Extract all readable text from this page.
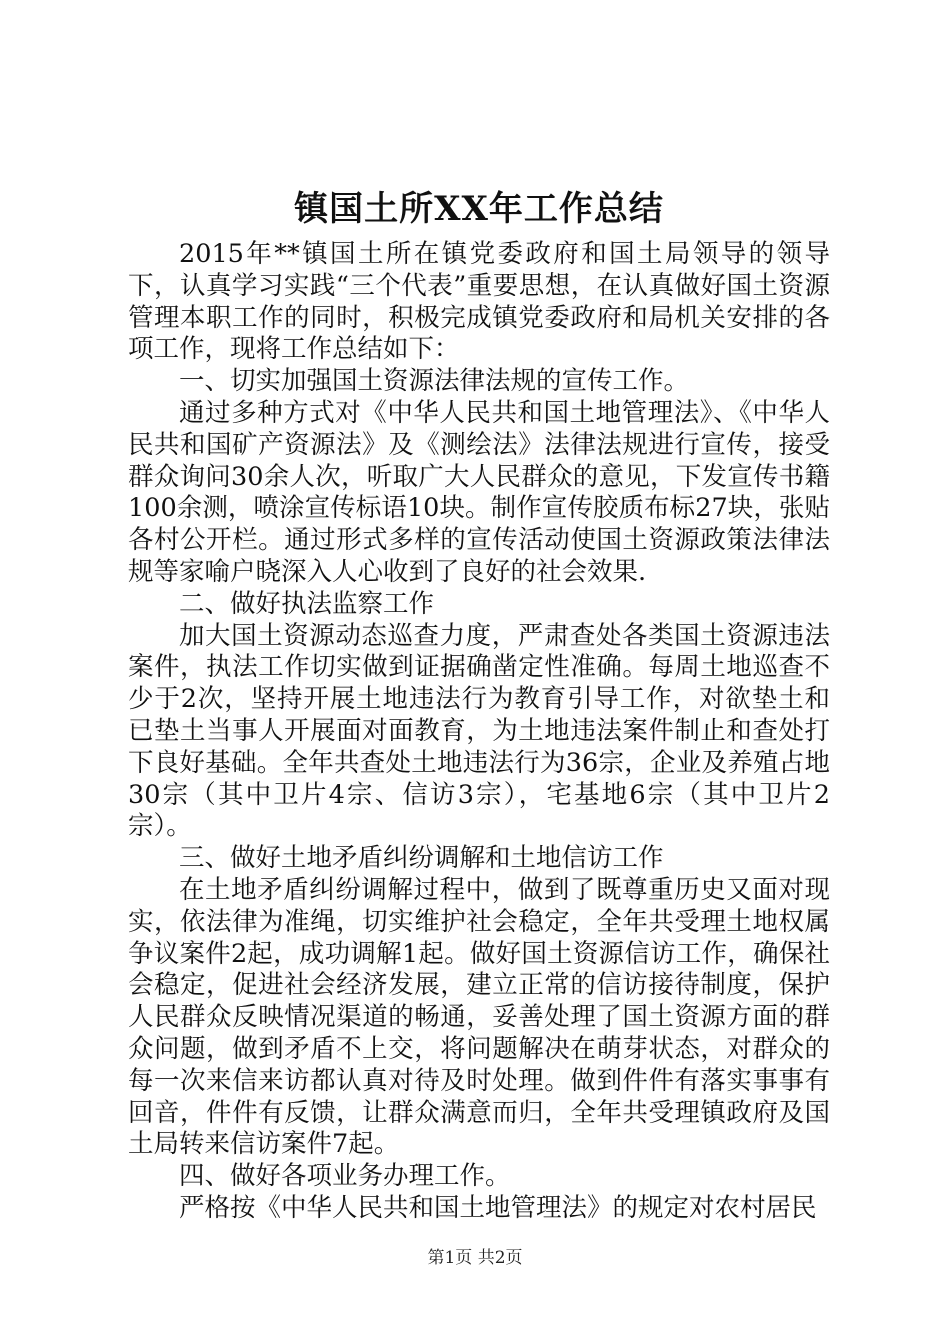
镇国土所XX年工作总结

2015年**镇国土所在镇党委政府和国土局领导的领导下，认真学习实践“三个代表”重要思想，在认真做好国土资源管理本职工作的同时，积极完成镇党委政府和局机关安排的各项工作，现将工作总结如下：

一、切实加强国土资源法律法规的宣传工作。

通过多种方式对《中华人民共和国土地管理法》、《中华人民共和国矿产资源法》及《测绘法》法律法规进行宣传，接受群众询问30余人次，听取广大人民群众的意见，下发宣传书籍100余测，喷涂宣传标语10块。制作宣传胶质布标27块，张贴各村公开栏。通过形式多样的宣传活动使国土资源政策法律法规等家喻户晓深入人心收到了良好的社会效果.

二、做好执法监察工作

加大国土资源动态巡查力度，严肃查处各类国土资源违法案件，执法工作切实做到证据确凿定性准确。每周土地巡查不少于2次，坚持开展土地违法行为教育引导工作，对欲垫土和已垫土当事人开展面对面教育，为土地违法案件制止和查处打下良好基础。全年共查处土地违法行为36宗，企业及养殖占地30宗（其中卫片4宗、信访3宗），宅基地6宗（其中卫片2宗）。

三、做好土地矛盾纠纷调解和土地信访工作

在土地矛盾纠纷调解过程中，做到了既尊重历史又面对现实，依法律为准绳，切实维护社会稳定，全年共受理土地权属争议案件2起，成功调解1起。做好国土资源信访工作，确保社会稳定，促进社会经济发展，建立正常的信访接待制度，保护人民群众反映情况渠道的畅通，妥善处理了国土资源方面的群众问题，做到矛盾不上交，将问题解决在萌芽状态，对群众的每一次来信来访都认真对待及时处理。做到件件有落实事事有回音，件件有反馈，让群众满意而归，全年共受理镇政府及国土局转来信访案件7起。

四、做好各项业务办理工作。

严格按《中华人民共和国土地管理法》的规定对农村居民

第1页 共2页
